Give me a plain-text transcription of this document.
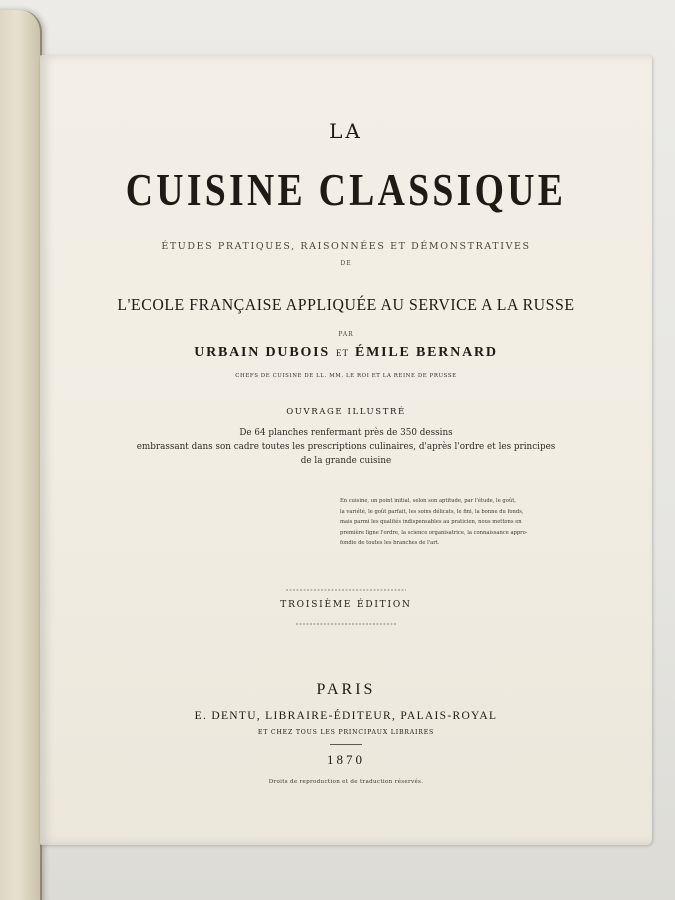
LA
CUISINE CLASSIQUE
ÉTUDES PRATIQUES, RAISONNÉES ET DÉMONSTRATIVES
DE
L'ECOLE FRANÇAISE APPLIQUÉE AU SERVICE A LA RUSSE
PAR
URBAIN DUBOIS ET ÉMILE BERNARD
CHEFS DE CUISINE DE LL. MM. LE ROI ET LA REINE DE PRUSSE
OUVRAGE ILLUSTRÉ
De 64 planches renfermant près de 350 dessins
embrassant dans son cadre toutes les prescriptions culinaires, d'après l'ordre et les principes
de la grande cuisine
En cuisine, un point initial, selon son aptitude, par l'étude, le goût,
la variété, le goût parfait, les soins délicats, le fini, la bonne du fonds,
mais parmi les qualités indispensables au praticien, nous mettons en
première ligne l'ordre, la science organisatrice, la connaissance appro-
fondie de toutes les branches de l'art.
TROISIÈME ÉDITION
PARIS
E. DENTU, LIBRAIRE-ÉDITEUR, PALAIS-ROYAL
ET CHEZ TOUS LES PRINCIPAUX LIBRAIRES
1870
Droits de reproduction et de traduction réservés.
